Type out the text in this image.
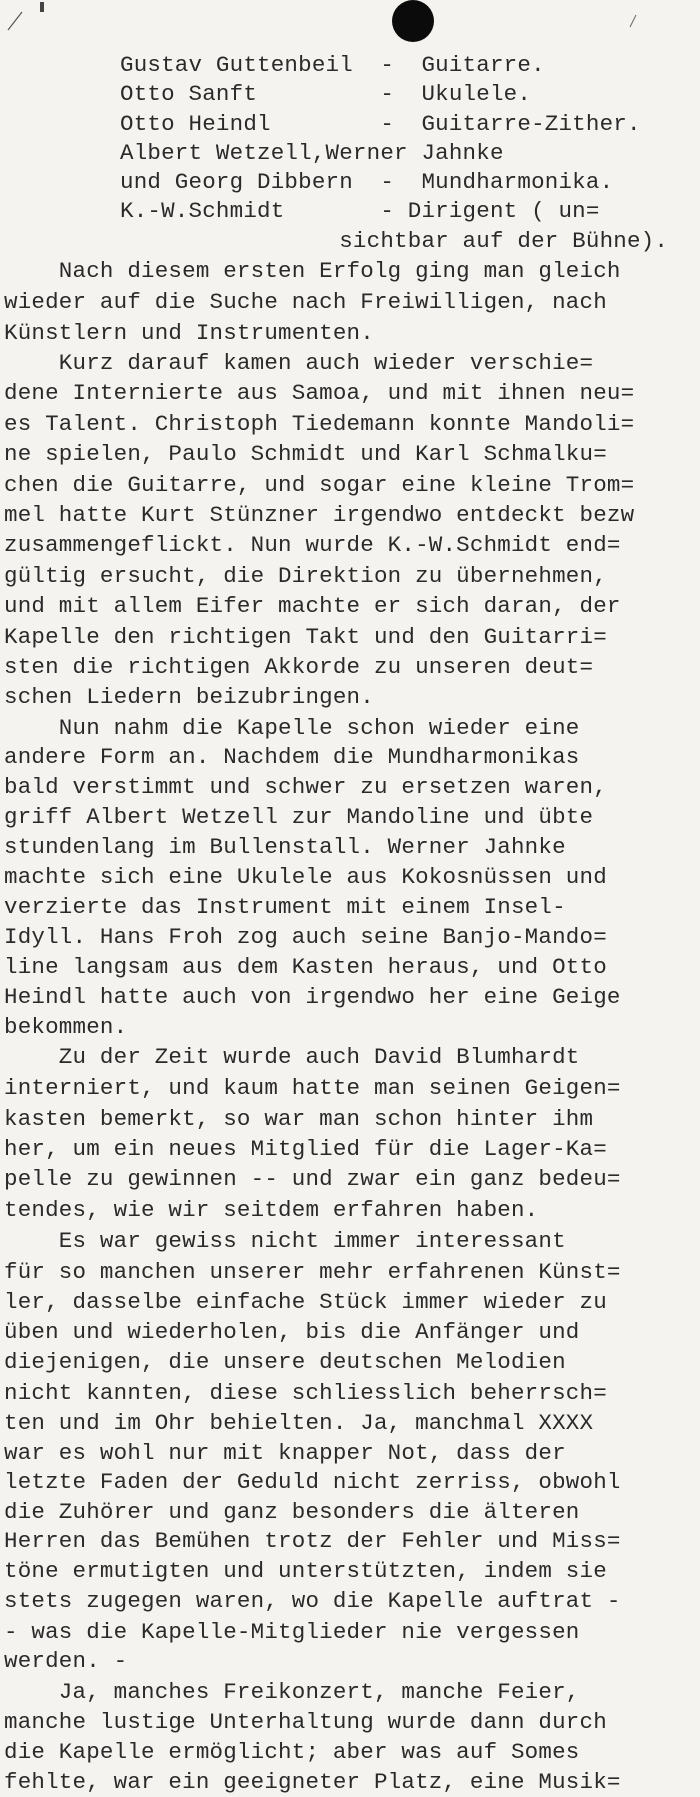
Gustav Guttenbeil  -  Guitarre.
Otto Sanft         -  Ukulele.
Otto Heindl        -  Guitarre-Zither.
Albert Wetzell,Werner Jahnke
und Georg Dibbern  -  Mundharmonika.
K.-W.Schmidt       - Dirigent ( un=
sichtbar auf der Bühne).
Nach diesem ersten Erfolg ging man gleich
wieder auf die Suche nach Freiwilligen, nach
Künstlern und Instrumenten.
Kurz darauf kamen auch wieder verschie=
dene Internierte aus Samoa, und mit ihnen neu=
es Talent. Christoph Tiedemann konnte Mandoli=
ne spielen, Paulo Schmidt und Karl Schmalku=
chen die Guitarre, und sogar eine kleine Trom=
mel hatte Kurt Stünzner irgendwo entdeckt bezw
zusammengeflickt. Nun wurde K.-W.Schmidt end=
gültig ersucht, die Direktion zu übernehmen,
und mit allem Eifer machte er sich daran, der
Kapelle den richtigen Takt und den Guitarri=
sten die richtigen Akkorde zu unseren deut=
schen Liedern beizubringen.
Nun nahm die Kapelle schon wieder eine
andere Form an. Nachdem die Mundharmonikas
bald verstimmt und schwer zu ersetzen waren,
griff Albert Wetzell zur Mandoline und übte
stundenlang im Bullenstall. Werner Jahnke
machte sich eine Ukulele aus Kokosnüssen und
verzierte das Instrument mit einem Insel-
Idyll. Hans Froh zog auch seine Banjo-Mando=
line langsam aus dem Kasten heraus, und Otto
Heindl hatte auch von irgendwo her eine Geige
bekommen.
Zu der Zeit wurde auch David Blumhardt
interniert, und kaum hatte man seinen Geigen=
kasten bemerkt, so war man schon hinter ihm
her, um ein neues Mitglied für die Lager-Ka=
pelle zu gewinnen -- und zwar ein ganz bedeu=
tendes, wie wir seitdem erfahren haben.
Es war gewiss nicht immer interessant
für so manchen unserer mehr erfahrenen Künst=
ler, dasselbe einfache Stück immer wieder zu
üben und wiederholen, bis die Anfänger und
diejenigen, die unsere deutschen Melodien
nicht kannten, diese schliesslich beherrsch=
ten und im Ohr behielten. Ja, manchmal XXXX
war es wohl nur mit knapper Not, dass der
letzte Faden der Geduld nicht zerriss, obwohl
die Zuhörer und ganz besonders die älteren
Herren das Bemühen trotz der Fehler und Miss=
töne ermutigten und unterstützten, indem sie
stets zugegen waren, wo die Kapelle auftrat -
- was die Kapelle-Mitglieder nie vergessen
werden. -
Ja, manches Freikonzert, manche Feier,
manche lustige Unterhaltung wurde dann durch
die Kapelle ermöglicht; aber was auf Somes
fehlte, war ein geeigneter Platz, eine Musik=
